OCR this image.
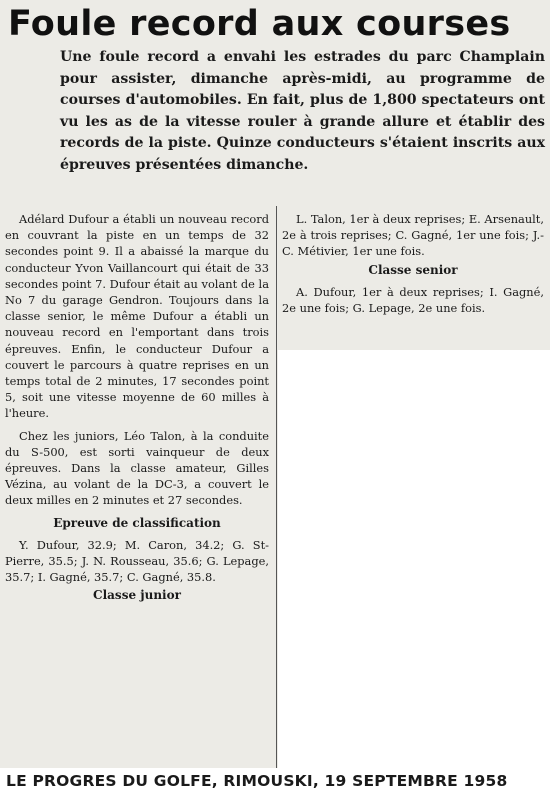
Foule record aux courses

Une foule record a envahi les estrades du parc Champlain pour assister, dimanche après-midi, au programme de courses d'automobiles. En fait, plus de 1,800 spectateurs ont vu les as de la vitesse rouler à grande allure et établir des records de la piste. Quinze conducteurs s'étaient inscrits aux épreuves présentées dimanche.

Adélard Dufour a établi un nouveau record en couvrant la piste en un temps de 32 secondes point 9. Il a abaissé la marque du conducteur Yvon Vaillancourt qui était de 33 secondes point 7. Dufour était au volant de la No 7 du garage Gendron. Toujours dans la classe senior, le même Dufour a établi un nouveau record en l'emportant dans trois épreuves. Enfin, le conducteur Dufour a couvert le parcours à quatre reprises en un temps total de 2 minutes, 17 secondes point 5, soit une vitesse moyenne de 60 milles à l'heure.

Chez les juniors, Léo Talon, à la conduite du S-500, est sorti vainqueur de deux épreuves. Dans la classe amateur, Gilles Vézina, au volant de la DC-3, a couvert le deux milles en 2 minutes et 27 secondes.

Epreuve de classification

Y. Dufour, 32.9; M. Caron, 34.2; G. St-Pierre, 35.5; J. N. Rousseau, 35.6; G. Lepage, 35.7; I. Gagné, 35.7; C. Gagné, 35.8.

Classe junior

L. Talon, 1er à deux reprises; E. Arsenault, 2e à trois reprises; C. Gagné, 1er une fois; J.-C. Métivier, 1er une fois.

Classe senior

A. Dufour, 1er à deux reprises; I. Gagné, 2e une fois; G. Lepage, 2e une fois.

LE PROGRES DU GOLFE, RIMOUSKI, 19 SEPTEMBRE 1958
